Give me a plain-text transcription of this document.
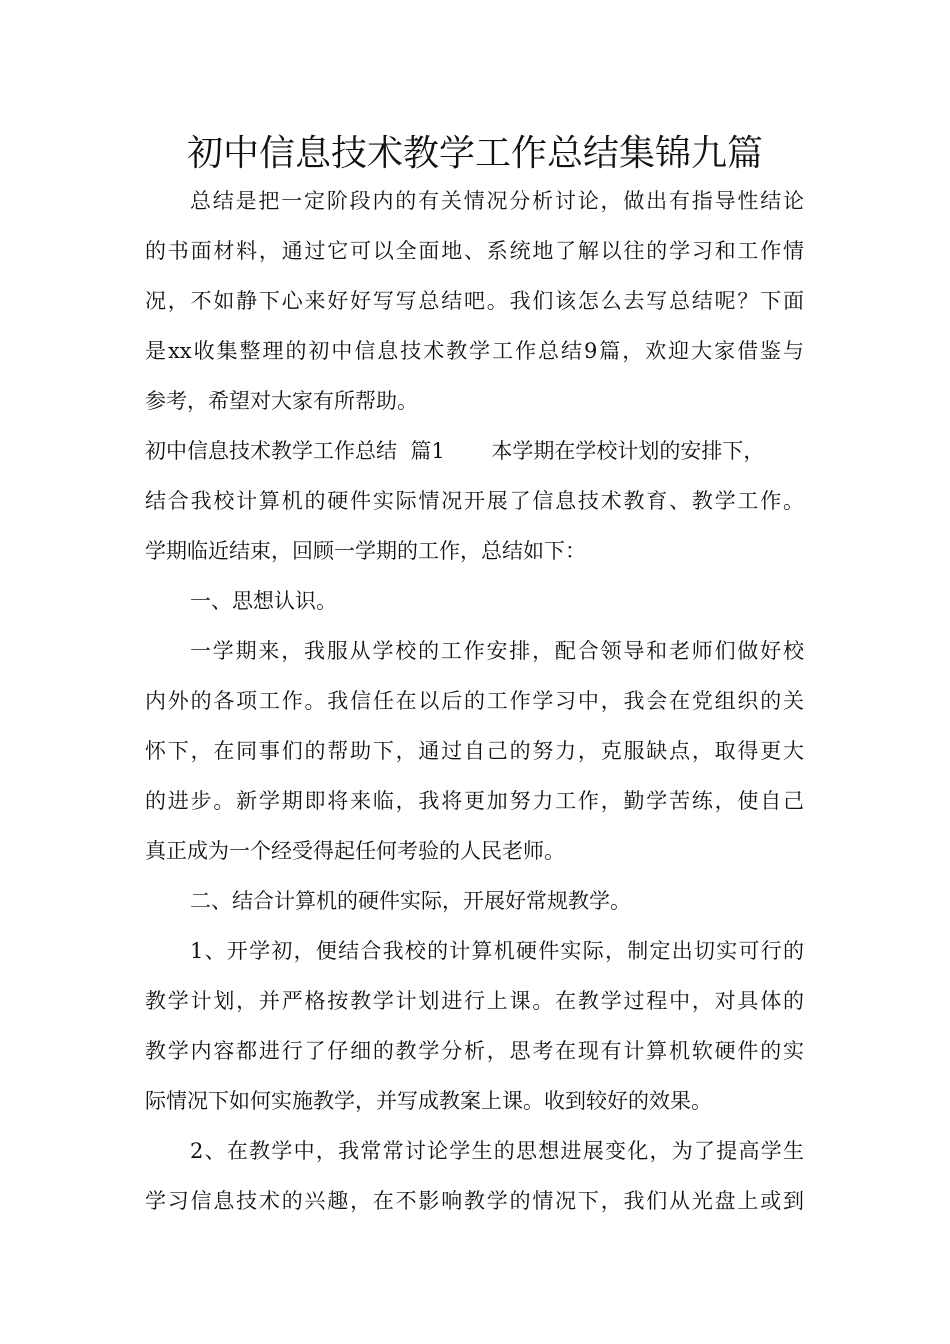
初中信息技术教学工作总结集锦九篇
总结是把一定阶段内的有关情况分析讨论，做出有指导性结论
的书面材料，通过它可以全面地、系统地了解以往的学习和工作情
况，不如静下心来好好写写总结吧。我们该怎么去写总结呢？下面
是xx收集整理的初中信息技术教学工作总结9篇，欢迎大家借鉴与
参考，希望对大家有所帮助。
初中信息技术教学工作总结  篇1       本学期在学校计划的安排下，
结合我校计算机的硬件实际情况开展了信息技术教育、教学工作。
学期临近结束，回顾一学期的工作，总结如下：
一、思想认识。
一学期来，我服从学校的工作安排，配合领导和老师们做好校
内外的各项工作。我信任在以后的工作学习中，我会在党组织的关
怀下，在同事们的帮助下，通过自己的努力，克服缺点，取得更大
的进步。新学期即将来临，我将更加努力工作，勤学苦练，使自己
真正成为一个经受得起任何考验的人民老师。
二、结合计算机的硬件实际，开展好常规教学。
1、开学初，便结合我校的计算机硬件实际，制定出切实可行的
教学计划，并严格按教学计划进行上课。在教学过程中，对具体的
教学内容都进行了仔细的教学分析，思考在现有计算机软硬件的实
际情况下如何实施教学，并写成教案上课。收到较好的效果。
2、在教学中，我常常讨论学生的思想进展变化，为了提高学生
学习信息技术的兴趣，在不影响教学的情况下，我们从光盘上或到
